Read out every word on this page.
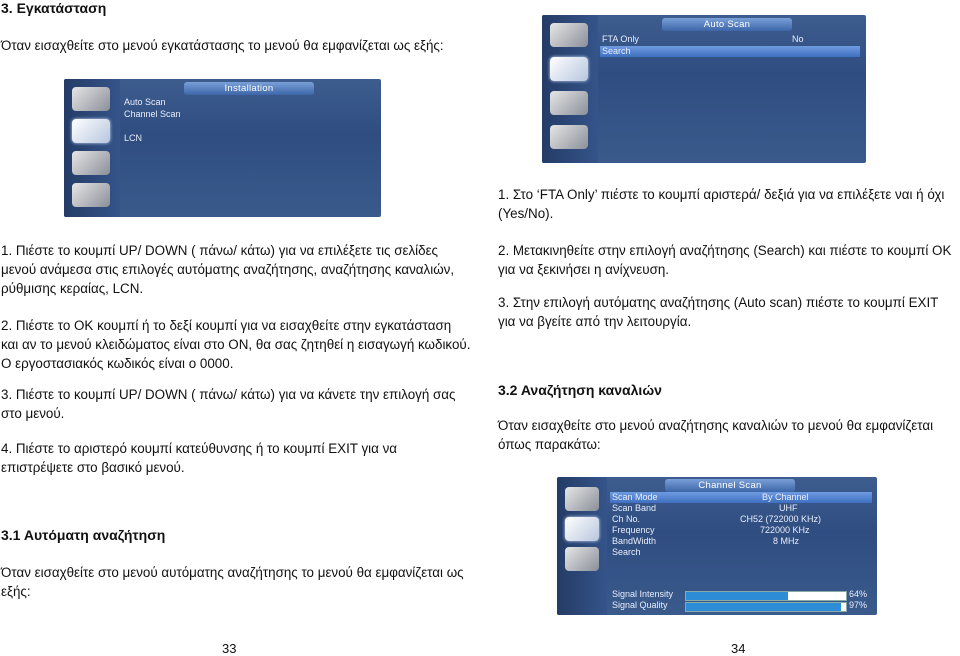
3. Εγκατάσταση

Όταν εισαχθείτε στο μενού εγκατάστασης το μενού θα εμφανίζεται ως εξής:

Installation
Auto Scan
Channel Scan
LCN

1. Πιέστε το κουμπί UP/ DOWN ( πάνω/ κάτω) για να επιλέξετε τις σελίδες μενού ανάμεσα στις επιλογές αυτόματης αναζήτησης, αναζήτησης καναλιών, ρύθμισης κεραίας, LCN.

2. Πιέστε το OK κουμπί ή το δεξί κουμπί για να εισαχθείτε στην εγκατάσταση και αν το μενού κλειδώματος είναι στο ON, θα σας ζητηθεί η εισαγωγή κωδικού. Ο εργοστασιακός κωδικός είναι ο 0000.

3. Πιέστε το κουμπί UP/ DOWN ( πάνω/ κάτω) για να κάνετε την επιλογή σας στο μενού.

4. Πιέστε το αριστερό κουμπί κατεύθυνσης ή το κουμπί EXIT για να επιστρέψετε στο βασικό μενού.

3.1 Αυτόματη αναζήτηση

Όταν εισαχθείτε στο μενού αυτόματης αναζήτησης το μενού θα εμφανίζεται ως εξής:

33
Auto Scan
FTA Only	No
Search

1. Στο ‘FTA Only’ πιέστε το κουμπί αριστερά/ δεξιά για να επιλέξετε ναι ή όχι (Yes/No).

2. Μετακινηθείτε στην επιλογή αναζήτησης (Search) και πιέστε το κουμπί OK για να ξεκινήσει η ανίχνευση.

3. Στην επιλογή αυτόματης αναζήτησης (Auto scan) πιέστε το κουμπί EXIT για να βγείτε από την λειτουργία.

3.2 Αναζήτηση καναλιών

Όταν εισαχθείτε στο μενού αναζήτησης καναλιών το μενού θα εμφανίζεται όπως παρακάτω:

Channel Scan
Scan Mode	By Channel
Scan Band	UHF
Ch No.	CH52 (722000 KHz)
Frequency	722000 KHz
BandWidth	8 MHz
Search
Signal Intensity	64%
Signal Quality	97%
34
